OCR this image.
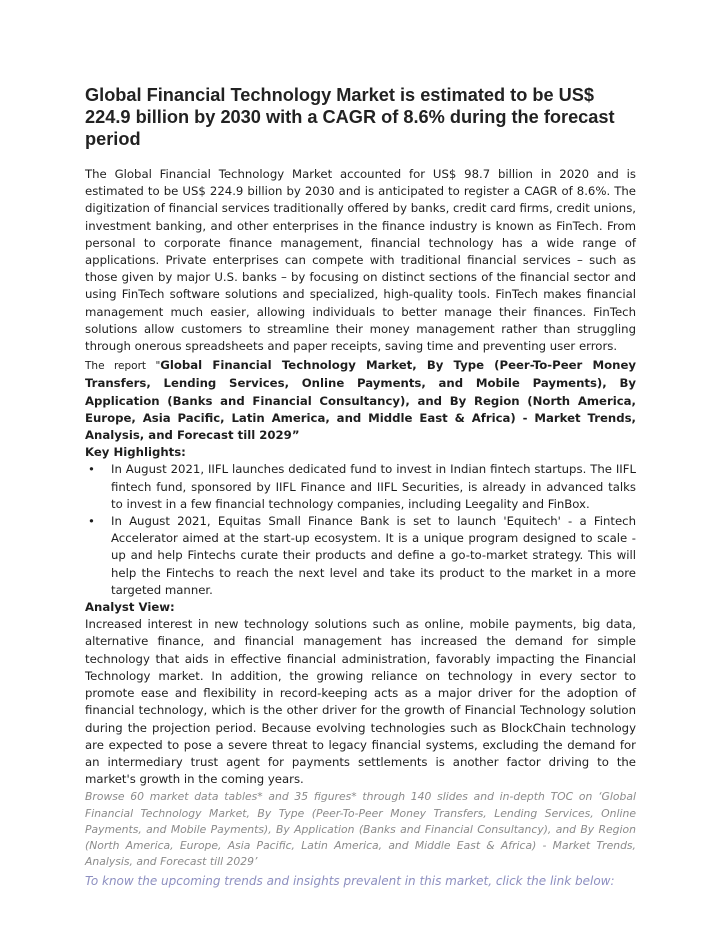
Global Financial Technology Market is estimated to be US$ 224.9 billion by 2030 with a CAGR of 8.6% during the forecast period

The Global Financial Technology Market accounted for US$ 98.7 billion in 2020 and is estimated to be US$ 224.9 billion by 2030 and is anticipated to register a CAGR of 8.6%. The digitization of financial services traditionally offered by banks, credit card firms, credit unions, investment banking, and other enterprises in the finance industry is known as FinTech. From personal to corporate finance management, financial technology has a wide range of applications. Private enterprises can compete with traditional financial services – such as those given by major U.S. banks – by focusing on distinct sections of the financial sector and using FinTech software solutions and specialized, high-quality tools. FinTech makes financial management much easier, allowing individuals to better manage their finances. FinTech solutions allow customers to streamline their money management rather than struggling through onerous spreadsheets and paper receipts, saving time and preventing user errors.

The report "Global Financial Technology Market, By Type (Peer-To-Peer Money Transfers, Lending Services, Online Payments, and Mobile Payments), By Application (Banks and Financial Consultancy), and By Region (North America, Europe, Asia Pacific, Latin America, and Middle East & Africa) - Market Trends, Analysis, and Forecast till 2029”

Key Highlights:

• In August 2021, IIFL launches dedicated fund to invest in Indian fintech startups. The IIFL fintech fund, sponsored by IIFL Finance and IIFL Securities, is already in advanced talks to invest in a few financial technology companies, including Leegality and FinBox.
• In August 2021, Equitas Small Finance Bank is set to launch 'Equitech' - a Fintech Accelerator aimed at the start-up ecosystem. It is a unique program designed to scale -up and help Fintechs curate their products and define a go-to-market strategy. This will help the Fintechs to reach the next level and take its product to the market in a more targeted manner.

Analyst View:

Increased interest in new technology solutions such as online, mobile payments, big data, alternative finance, and financial management has increased the demand for simple technology that aids in effective financial administration, favorably impacting the Financial Technology market. In addition, the growing reliance on technology in every sector to promote ease and flexibility in record-keeping acts as a major driver for the adoption of financial technology, which is the other driver for the growth of Financial Technology solution during the projection period. Because evolving technologies such as BlockChain technology are expected to pose a severe threat to legacy financial systems, excluding the demand for an intermediary trust agent for payments settlements is another factor driving to the market's growth in the coming years.

Browse 60 market data tables* and 35 figures* through 140 slides and in-depth TOC on ‘Global Financial Technology Market, By Type (Peer-To-Peer Money Transfers, Lending Services, Online Payments, and Mobile Payments), By Application (Banks and Financial Consultancy), and By Region (North America, Europe, Asia Pacific, Latin America, and Middle East & Africa) - Market Trends, Analysis, and Forecast till 2029’

To know the upcoming trends and insights prevalent in this market, click the link below:
